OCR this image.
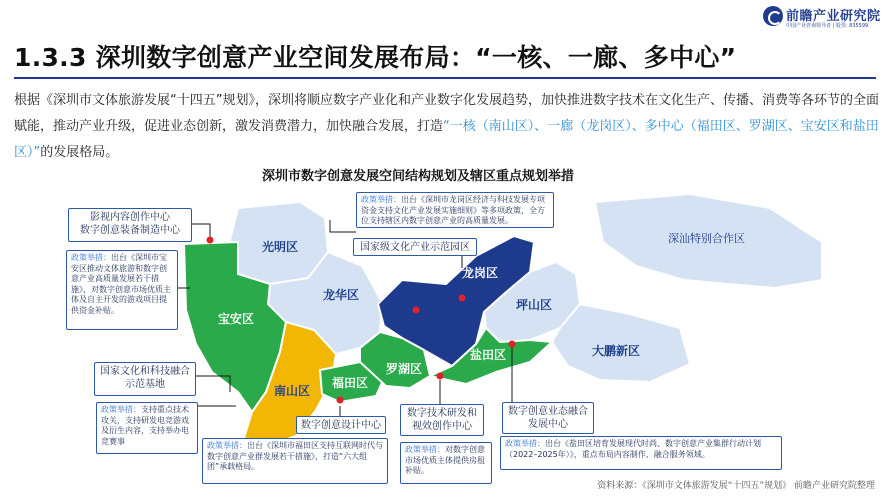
前瞻产业研究院
中国产业咨询领导者 | 股票: 835599
1.3.3 深圳数字创意产业空间发展布局：“一核、一廊、多中心”

根据《深圳市文体旅游发展“十四五”规划》，深圳将顺应数字产业化和产业数字化发展趋势，加快推进数字技术在文化生产、传播、消费等各环节的全面赋能，推动产业升级，促进业态创新，激发消费潜力，加快融合发展，打造“一核（南山区）、一廊（龙岗区）、多中心（福田区、罗湖区、宝安区和盐田区）”的发展格局。

深圳市数字创意发展空间结构规划及辖区重点规划举措
深汕特别合作区
光明区
龙华区
龙岗区
坪山区
宝安区
南山区
福田区
罗湖区
盐田区	大鹏新区
影视内容创作中心
数字创意装备制造中心
国家级文化产业示范园区
国家文化和科技融合
示范基地
数字创意设计中心
数字技术研发和
视效创作中心
数字创意业态融合
发展中心
政策举措：出台《深圳市龙岗区经济与科技发展专项资金支持文化产业发展实施细则》等多项政策，全方位支持辖区内数字创意产业的高质量发展。
政策举措：出台《深圳市宝安区推动文体旅游和数字创意产业高质量发展若干措施》，对数字创意市场优质主体及自主开发的游戏项目提供资金补贴。
政策举措：支持重点技术攻关，支持研发电竞游戏及衍生内容，支持举办电竞赛事	政策举措：出台《深圳市福田区支持互联网时代与数字创意产业群发展若干措施》，打造“六大组团”承载格局。
政策举措：对数字创意市场优质主体提供房租补贴。
政策举措：出台《盐田区培育发展现代时尚、数字创意产业集群行动计划（2022–2025年）》，重点布局内容制作、融合服务领域。
资料来源：《深圳市文体旅游发展“十四五”规划》 前瞻产业研究院整理
